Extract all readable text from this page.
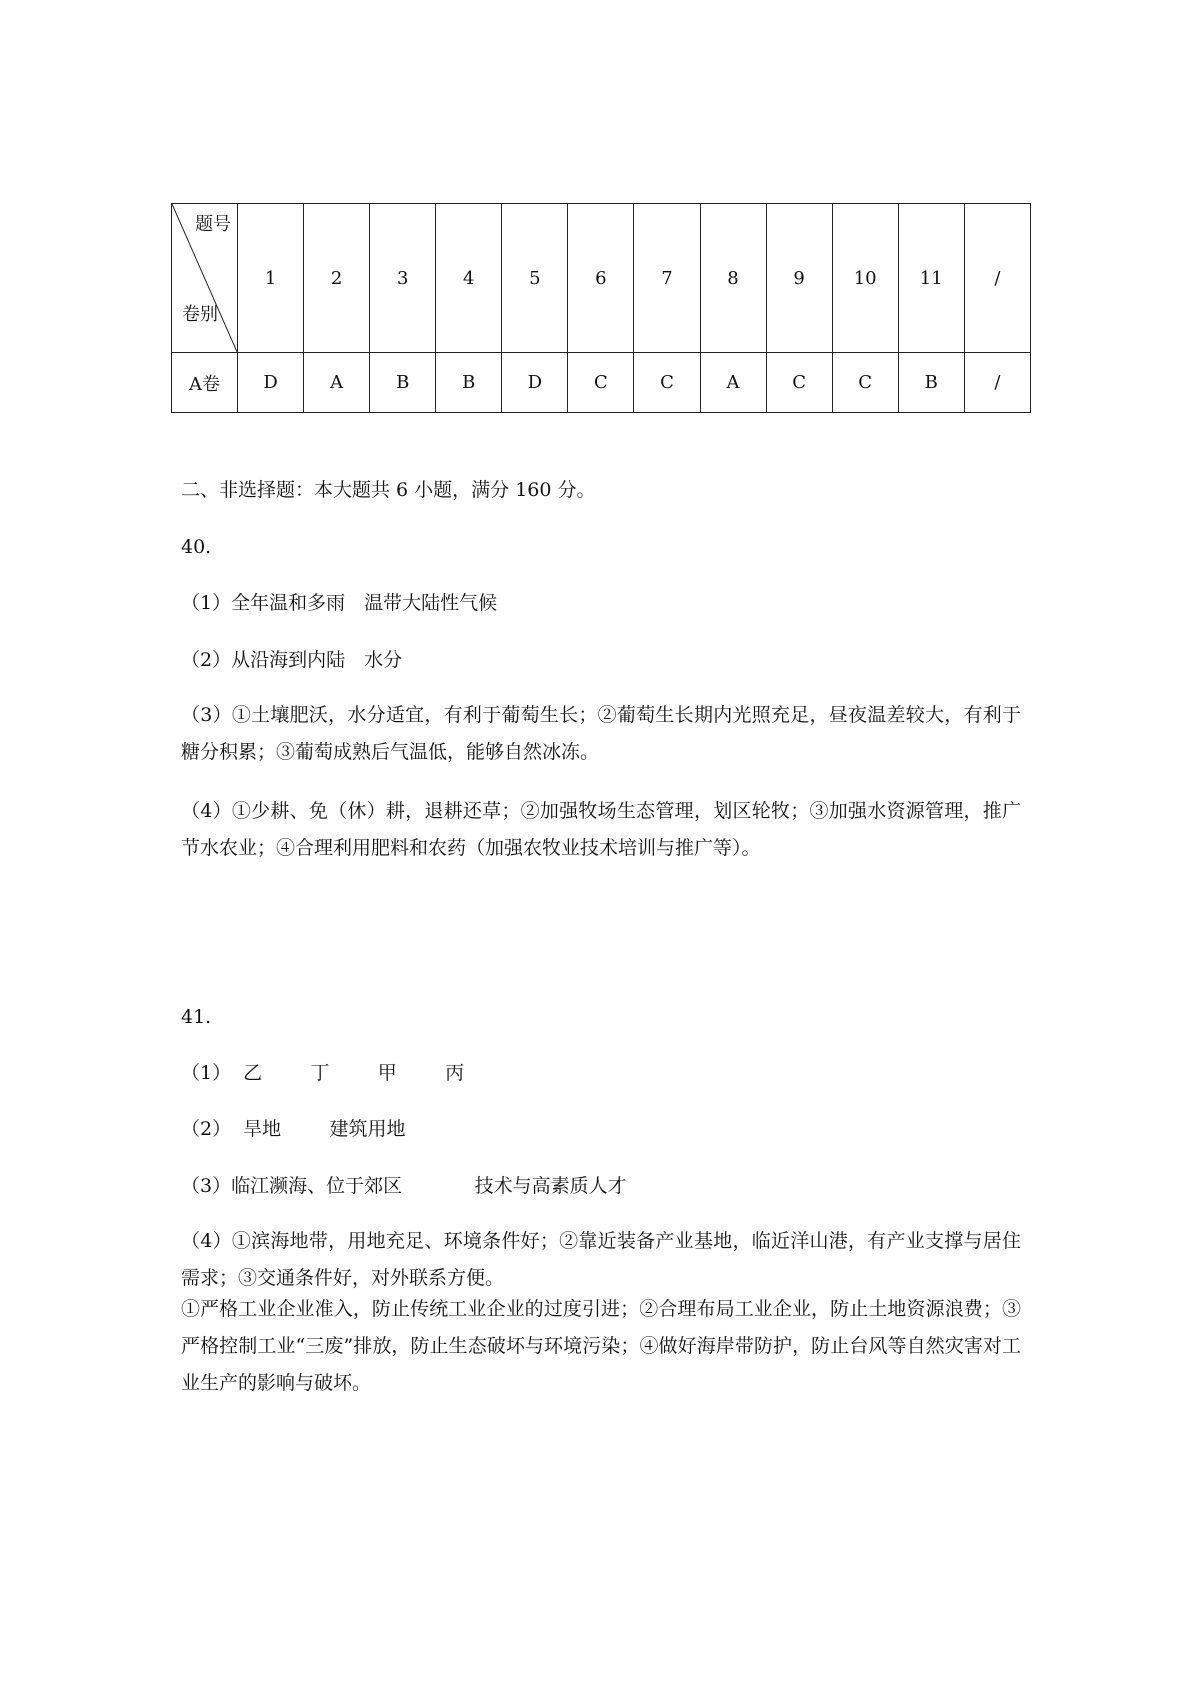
题号
卷别	1	2	3	4	5	6	7	8	9	10	11	/
A卷	D	A	B	B	D	C	C	A	C	C	B	/
二、非选择题：本大题共 6 小题，满分 160 分。
40.
（1）全年温和多雨　温带大陆性气候
（2）从沿海到内陆　水分
（3）①土壤肥沃，水分适宜，有利于葡萄生长；②葡萄生长期内光照充足，昼夜温差较大，有利于糖分积累；③葡萄成熟后气温低，能够自然冰冻。
（4）①少耕、免（休）耕，退耕还草；②加强牧场生态管理，划区轮牧；③加强水资源管理，推广节水农业；④合理利用肥料和农药（加强农牧业技术培训与推广等）。
41.
（1）  乙        丁        甲        丙
（2）  旱地        建筑用地
（3）临江濒海、位于郊区            技术与高素质人才
（4）①滨海地带，用地充足、环境条件好；②靠近装备产业基地，临近洋山港，有产业支撑与居住需求；③交通条件好，对外联系方便。
①严格工业企业准入，防止传统工业企业的过度引进；②合理布局工业企业，防止土地资源浪费；③严格控制工业“三废”排放，防止生态破坏与环境污染；④做好海岸带防护，防止台风等自然灾害对工业生产的影响与破坏。
